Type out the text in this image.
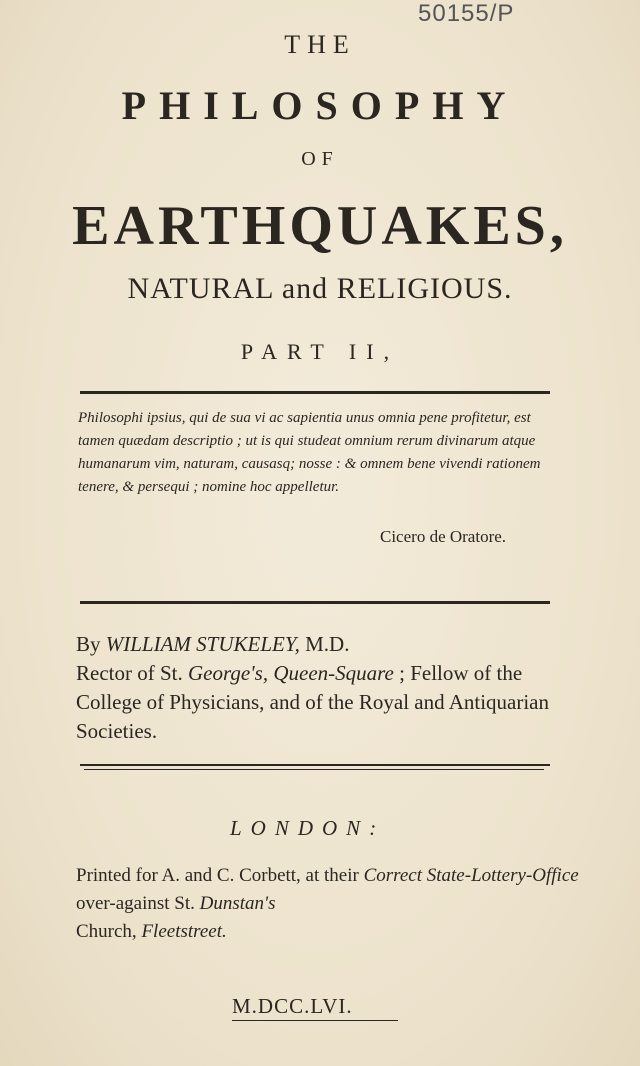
50155/P
THE
PHILOSOPHY
OF
EARTHQUAKES,
NATURAL and RELIGIOUS.
PART II,
Philosophi ipsius, qui de sua vi ac sapientia unus omnia pene profitetur, est tamen quædam descriptio ; ut is qui studeat omnium rerum divinarum atque humanarum vim, naturam, causasq; nosse : & omnem bene vivendi rationem tenere, & persequi ; nomine hoc appelletur.
Cicero de Oratore.
By WILLIAM STUKELEY, M.D.
Rector of St. George's, Queen-Square ; Fellow of the College of Physicians, and of the Royal and Antiquarian Societies.
LONDON:
Printed for A. and C. Corbett, at their Correct State-Lottery-Office over-against St. Dunstan's
Church, Fleetstreet.
M.DCC.LVI.
